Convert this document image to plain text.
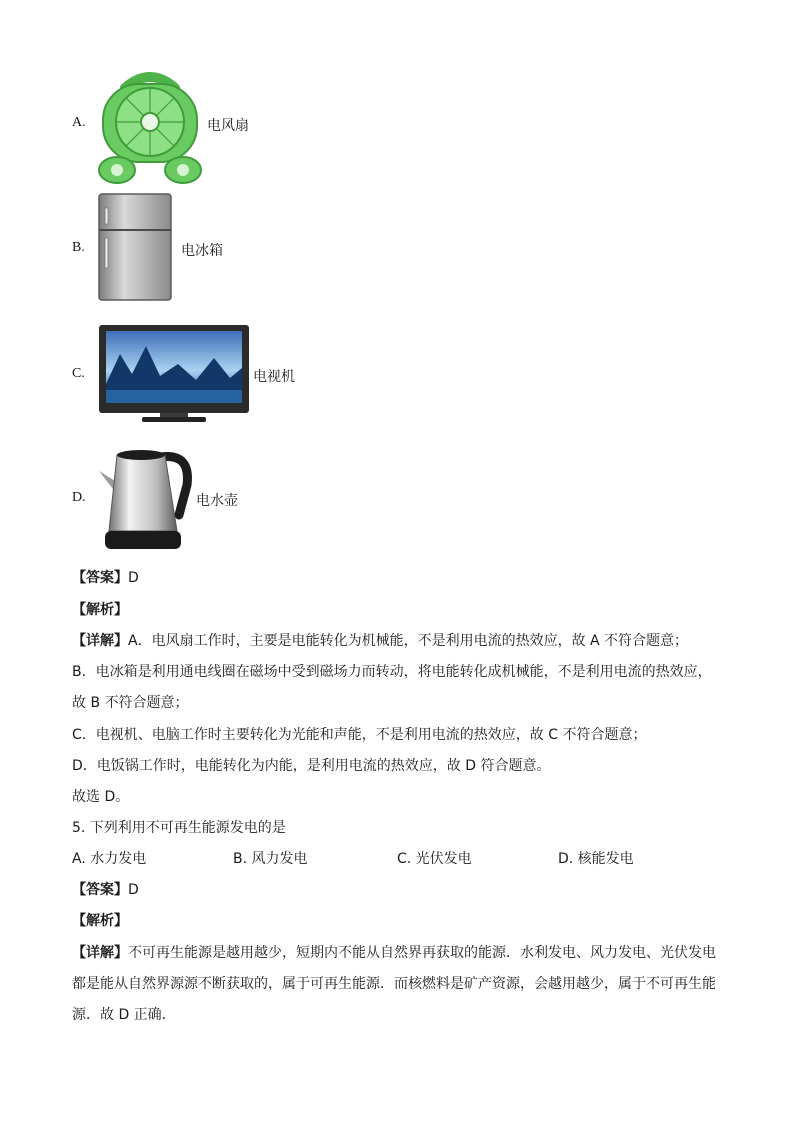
A.	电风扇
B.	电冰箱
C.	电视机
D.	电水壶
【答案】D
【解析】
【详解】A．电风扇工作时，主要是电能转化为机械能，不是利用电流的热效应，故 A 不符合题意；
B．电冰箱是利用通电线圈在磁场中受到磁场力而转动，将电能转化成机械能，不是利用电流的热效应，
故 B 不符合题意；
C．电视机、电脑工作时主要转化为光能和声能，不是利用电流的热效应，故 C 不符合题意；
D．电饭锅工作时，电能转化为内能，是利用电流的热效应，故 D 符合题意。
故选 D。
5. 下列利用不可再生能源发电的是
A. 水力发电	B. 风力发电	C. 光伏发电	D. 核能发电
【答案】D
【解析】
【详解】不可再生能源是越用越少，短期内不能从自然界再获取的能源．水利发电、风力发电、光伏发电
都是能从自然界源源不断获取的，属于可再生能源．而核燃料是矿产资源，会越用越少，属于不可再生能
源．故 D 正确．
